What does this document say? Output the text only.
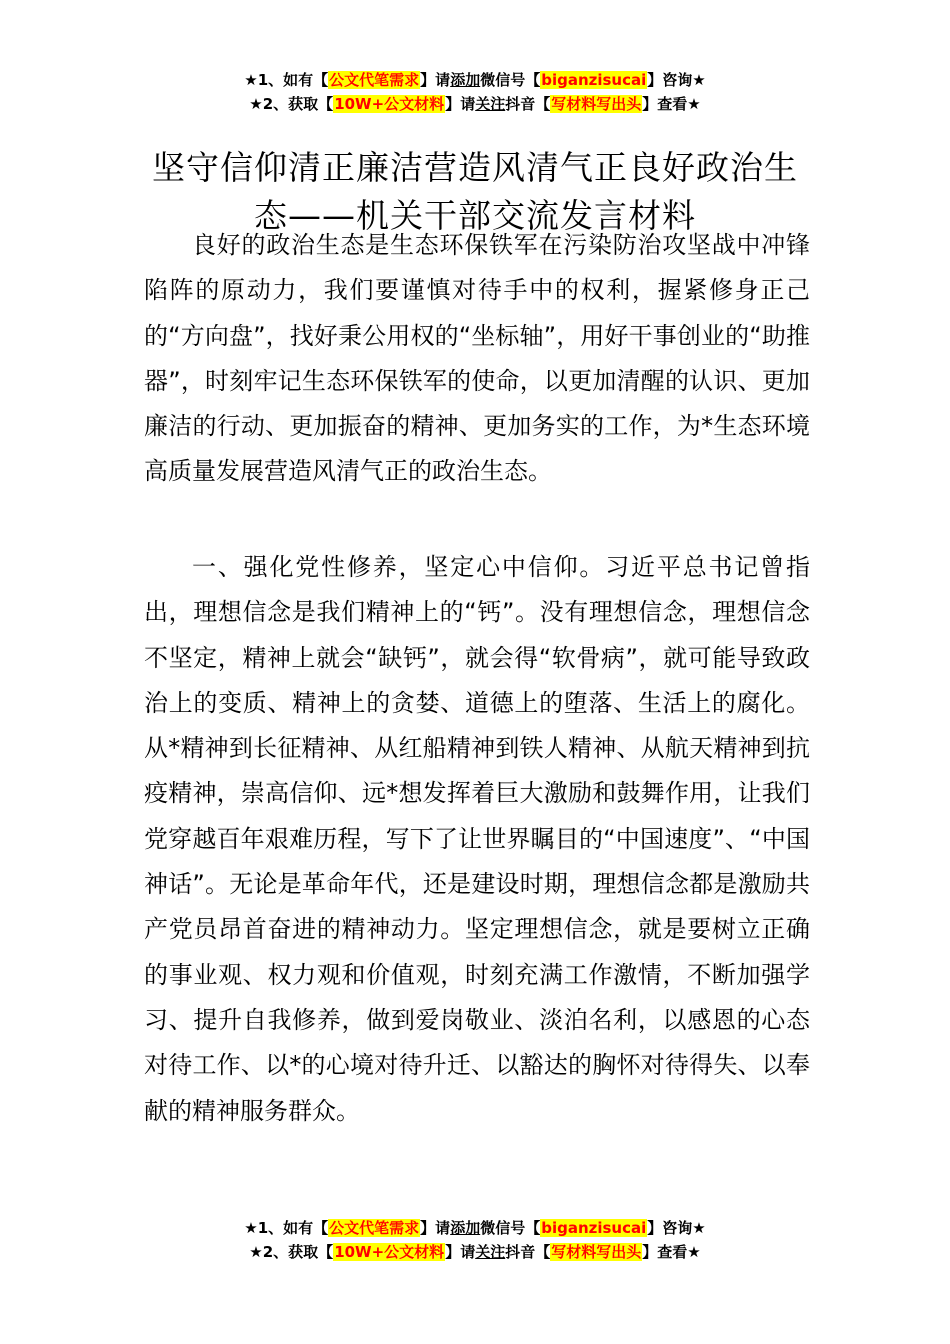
★1、如有【公文代笔需求】请添加微信号【biganzisucai】咨询★
★2、获取【10W+公文材料】请关注抖音【写材料写出头】查看★
坚守信仰清正廉洁营造风清气正良好政治生态——机关干部交流发言材料

良好的政治生态是生态环保铁军在污染防治攻坚战中冲锋陷阵的原动力，我们要谨慎对待手中的权利，握紧修身正己的“方向盘”，找好秉公用权的“坐标轴”，用好干事创业的“助推器”，时刻牢记生态环保铁军的使命，以更加清醒的认识、更加廉洁的行动、更加振奋的精神、更加务实的工作，为*生态环境高质量发展营造风清气正的政治生态。

一、强化党性修养，坚定心中信仰。习近平总书记曾指出，理想信念是我们精神上的“钙”。没有理想信念，理想信念不坚定，精神上就会“缺钙”，就会得“软骨病”，就可能导致政治上的变质、精神上的贪婪、道德上的堕落、生活上的腐化。从*精神到长征精神、从红船精神到铁人精神、从航天精神到抗疫精神，崇高信仰、远*想发挥着巨大激励和鼓舞作用，让我们党穿越百年艰难历程，写下了让世界瞩目的“中国速度”、“中国神话”。无论是革命年代，还是建设时期，理想信念都是激励共产党员昂首奋进的精神动力。坚定理想信念，就是要树立正确的事业观、权力观和价值观，时刻充满工作激情，不断加强学习、提升自我修养，做到爱岗敬业、淡泊名利，以感恩的心态对待工作、以*的心境对待升迁、以豁达的胸怀对待得失、以奉献的精神服务群众。

★1、如有【公文代笔需求】请添加微信号【biganzisucai】咨询★
★2、获取【10W+公文材料】请关注抖音【写材料写出头】查看★
